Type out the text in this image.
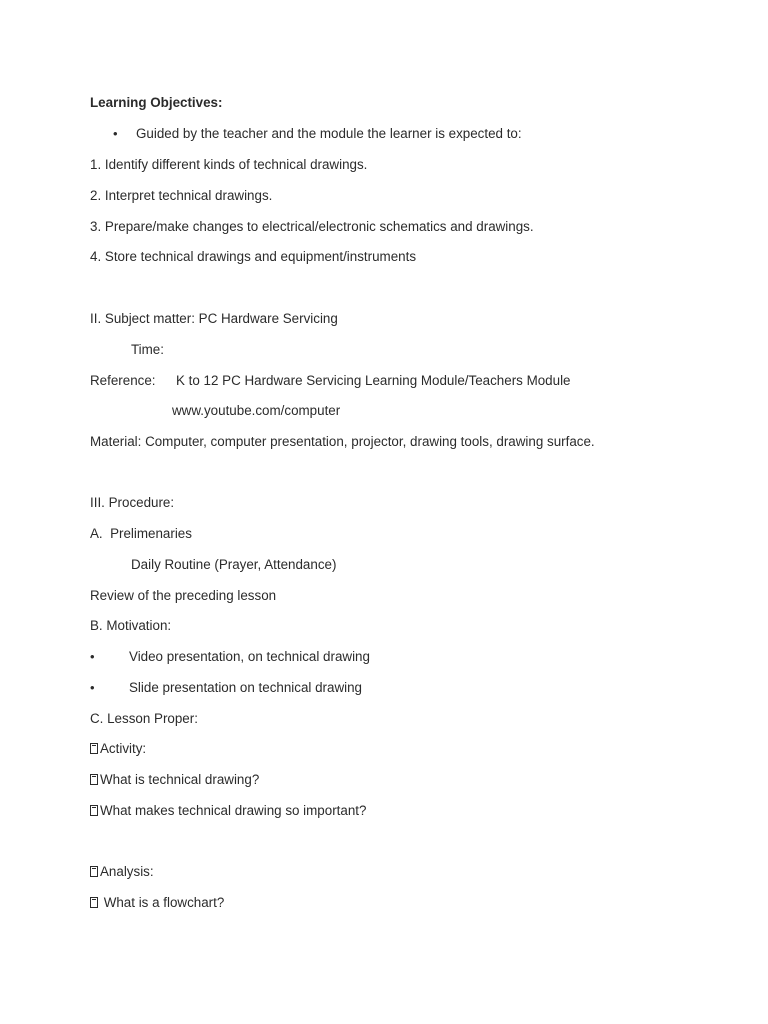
Learning Objectives:
• Guided by the teacher and the module the learner is expected to:
1. Identify different kinds of technical drawings.
2. Interpret technical drawings.
3. Prepare/make changes to electrical/electronic schematics and drawings.
4. Store technical drawings and equipment/instruments
II. Subject matter: PC Hardware Servicing
Time:
Reference: K to 12 PC Hardware Servicing Learning Module/Teachers Module
www.youtube.com/computer
Material: Computer, computer presentation, projector, drawing tools, drawing surface.
III. Procedure:
A.  Prelimenaries
Daily Routine (Prayer, Attendance)
Review of the preceding lesson
B. Motivation:
•	Video presentation, on technical drawing
•	Slide presentation on technical drawing
C. Lesson Proper:
Activity:
What is technical drawing?
What makes technical drawing so important?
Analysis:
What is a flowchart?
